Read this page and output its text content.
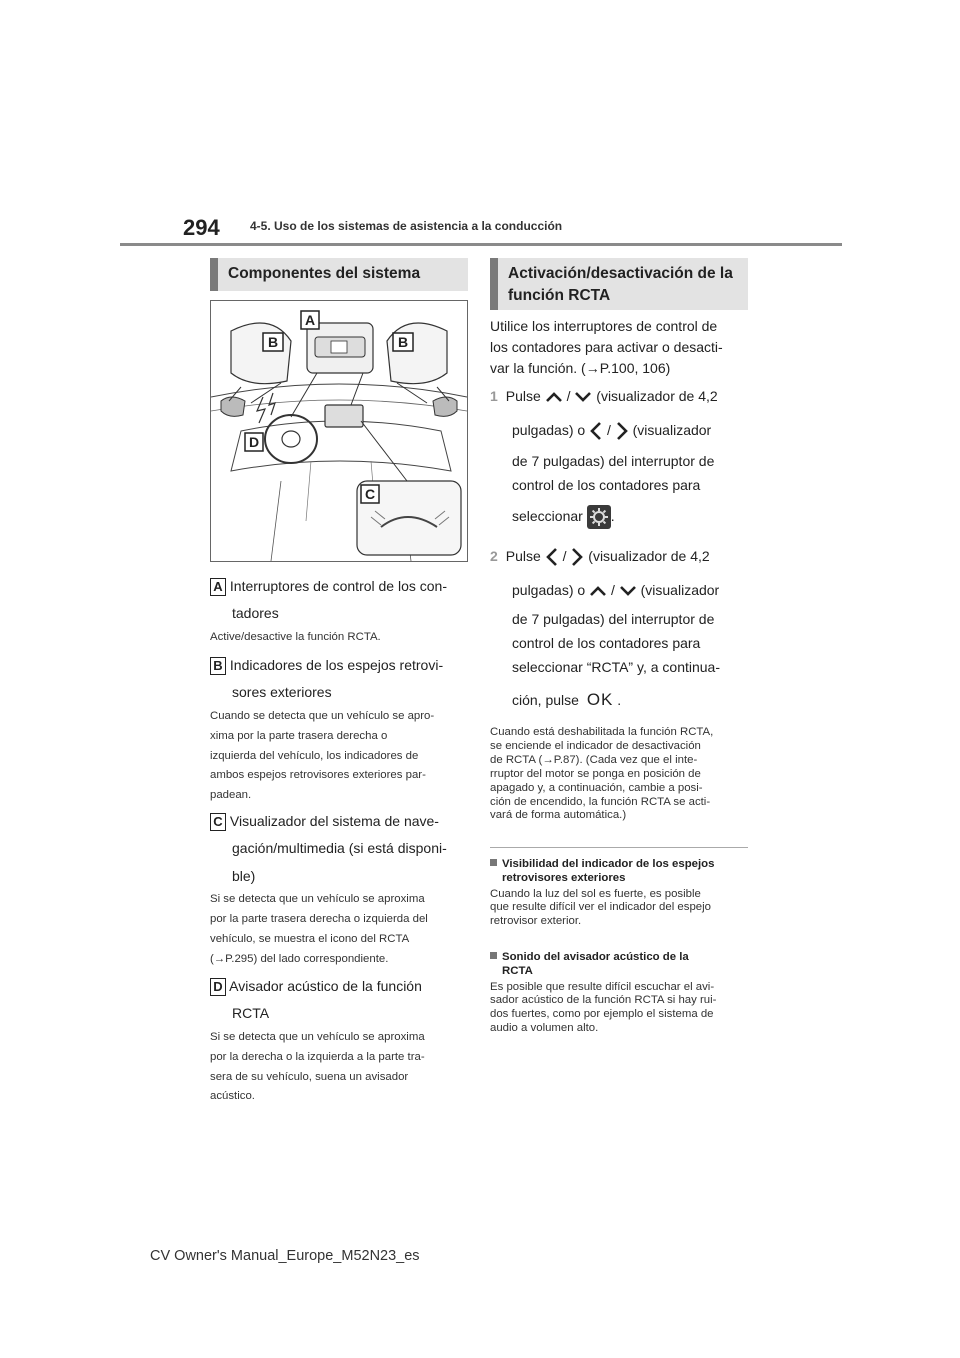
294	4-5. Uso de los sistemas de asistencia a la conducción
Componentes del sistema
A
B	B
D
C
A Interruptores de control de los con-
tadores
Active/desactive la función RCTA.
B Indicadores de los espejos retrovi-
sores exteriores
Cuando se detecta que un vehículo se apro-
xima por la parte trasera derecha o
izquierda del vehículo, los indicadores de
ambos espejos retrovisores exteriores par-
padean.
C Visualizador del sistema de nave-
gación/multimedia (si está disponi-
ble)
Si se detecta que un vehículo se aproxima
por la parte trasera derecha o izquierda del
vehículo, se muestra el icono del RCTA
(→P.295) del lado correspondiente.
D Avisador acústico de la función
RCTA
Si se detecta que un vehículo se aproxima
por la derecha o la izquierda a la parte tra-
sera de su vehículo, suena un avisador
acústico.
Activación/desactivación de la
función RCTA
Utilice los interruptores de control de
los contadores para activar o desacti-
var la función. (→P.100, 106)
1 Pulse / (visualizador de 4,2
pulgadas) o / (visualizador
de 7 pulgadas) del interruptor de
control de los contadores para
seleccionar .
2 Pulse / (visualizador de 4,2
pulgadas) o / (visualizador
de 7 pulgadas) del interruptor de
control de los contadores para
seleccionar “RCTA” y, a continua-
ción, pulse OK .
Cuando está deshabilitada la función RCTA,
se enciende el indicador de desactivación
de RCTA (→P.87). (Cada vez que el inte-
rruptor del motor se ponga en posición de
apagado y, a continuación, cambie a posi-
ción de encendido, la función RCTA se acti-
vará de forma automática.)
Visibilidad del indicador de los espejos
retrovisores exteriores
Cuando la luz del sol es fuerte, es posible
que resulte difícil ver el indicador del espejo
retrovisor exterior.
Sonido del avisador acústico de la
RCTA
Es posible que resulte difícil escuchar el avi-
sador acústico de la función RCTA si hay rui-
dos fuertes, como por ejemplo el sistema de
audio a volumen alto.
CV Owner's Manual_Europe_M52N23_es
